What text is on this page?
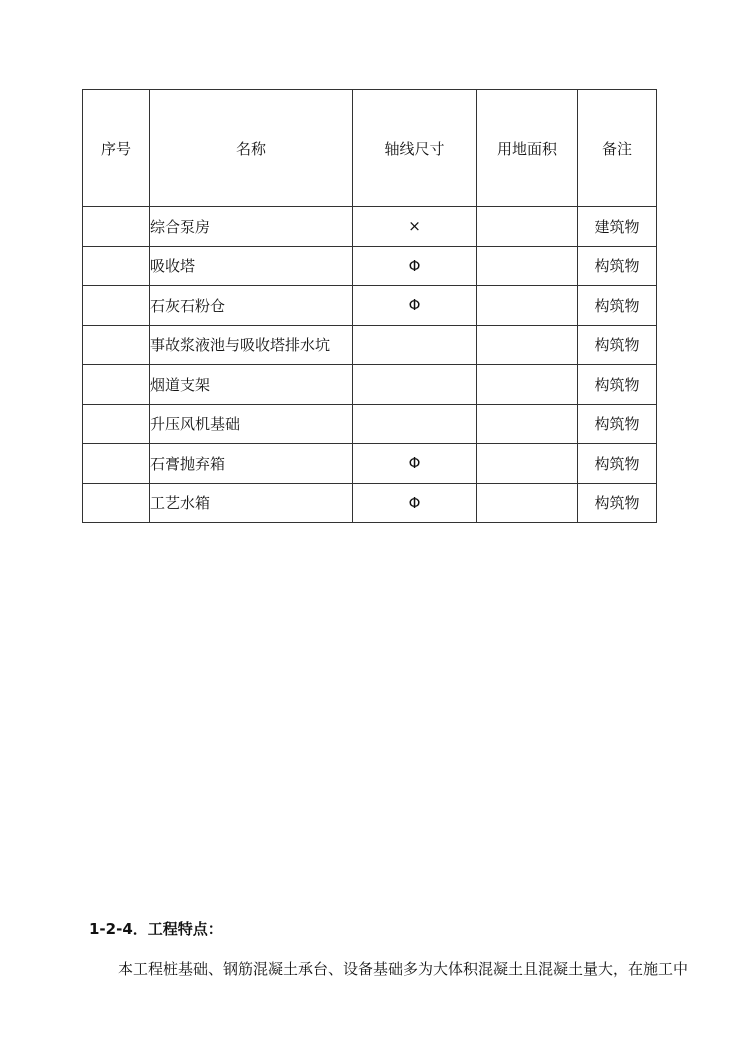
序号	名称	轴线尺寸	用地面积	备注
	综合泵房	×		建筑物
	吸收塔	Φ		构筑物
	石灰石粉仓	Φ		构筑物
	事故浆液池与吸收塔排水坑			构筑物
	烟道支架			构筑物
	升压风机基础			构筑物
	石膏抛弃箱	Φ		构筑物
	工艺水箱	Φ		构筑物
1-2-4．工程特点：
本工程桩基础、钢筋混凝土承台、设备基础多为大体积混凝土且混凝土量大，在施工中
